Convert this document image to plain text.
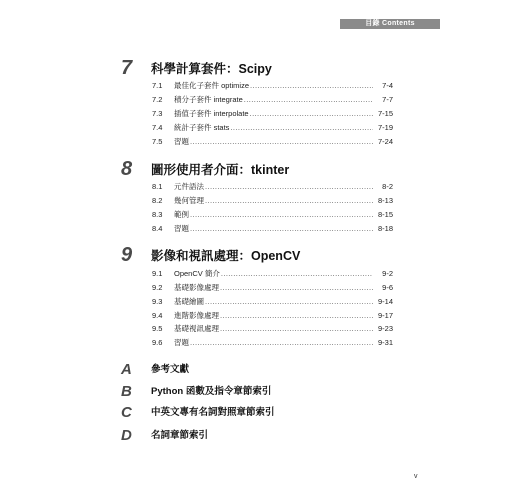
目錄 Contents
7 科學計算套件：Scipy
7.1	最佳化子套件 optimize .....	7-4
7.2	積分子套件 integrate .....	7-7
7.3	插值子套件 interpolate .....	7-15
7.4	統計子套件 stats .....	7-19
7.5	習題 .....	7-24
8 圖形使用者介面：tkinter
8.1	元件語法 .....	8-2
8.2	幾何管理 .....	8-13
8.3	範例 .....	8-15
8.4	習題 .....	8-18
9 影像和視訊處理：OpenCV
9.1	OpenCV 簡介 .....	9-2
9.2	基礎影像處理 .....	9-6
9.3	基礎繪圖 .....	9-14
9.4	進階影像處理 .....	9-17
9.5	基礎視訊處理 .....	9-23
9.6	習題 .....	9-31
A 參考文獻
B Python 函數及指令章節索引
C 中英文專有名詞對照章節索引
D 名詞章節索引
v
